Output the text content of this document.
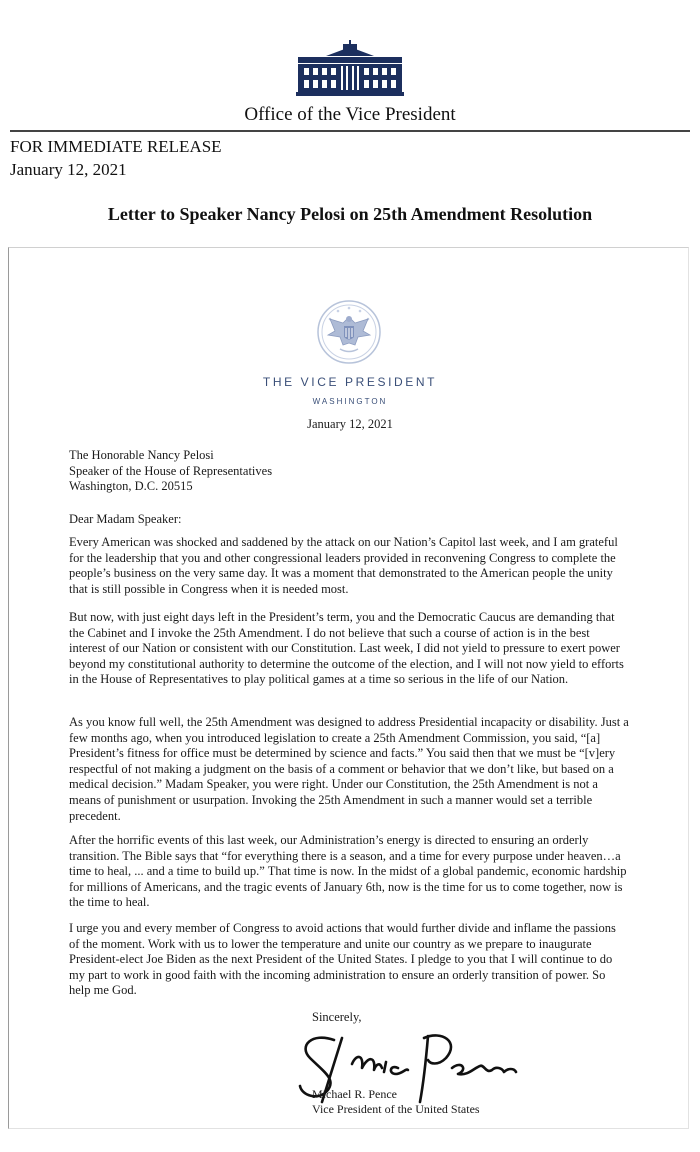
Office of the Vice President
FOR IMMEDIATE RELEASE
January 12, 2021
Letter to Speaker Nancy Pelosi on 25th Amendment Resolution
THE VICE PRESIDENT
WASHINGTON
January 12, 2021
The Honorable Nancy Pelosi
Speaker of the House of Representatives
Washington, D.C. 20515
Dear Madam Speaker:

Every American was shocked and saddened by the attack on our Nation’s Capitol last week, and I am grateful for the leadership that you and other congressional leaders provided in reconvening Congress to complete the people’s business on the very same day. It was a moment that demonstrated to the American people the unity that is still possible in Congress when it is needed most.

But now, with just eight days left in the President’s term, you and the Democratic Caucus are demanding that the Cabinet and I invoke the 25th Amendment. I do not believe that such a course of action is in the best interest of our Nation or consistent with our Constitution. Last week, I did not yield to pressure to exert power beyond my constitutional authority to determine the outcome of the election, and I will not now yield to efforts in the House of Representatives to play political games at a time so serious in the life of our Nation.

As you know full well, the 25th Amendment was designed to address Presidential incapacity or disability. Just a few months ago, when you introduced legislation to create a 25th Amendment Commission, you said, “[a] President’s fitness for office must be determined by science and facts.” You said then that we must be “[v]ery respectful of not making a judgment on the basis of a comment or behavior that we don’t like, but based on a medical decision.” Madam Speaker, you were right. Under our Constitution, the 25th Amendment is not a means of punishment or usurpation. Invoking the 25th Amendment in such a manner would set a terrible precedent.

After the horrific events of this last week, our Administration’s energy is directed to ensuring an orderly transition. The Bible says that “for everything there is a season, and a time for every purpose under heaven…a time to heal, ... and a time to build up.” That time is now. In the midst of a global pandemic, economic hardship for millions of Americans, and the tragic events of January 6th, now is the time for us to come together, now is the time to heal.

I urge you and every member of Congress to avoid actions that would further divide and inflame the passions of the moment. Work with us to lower the temperature and unite our country as we prepare to inaugurate President-elect Joe Biden as the next President of the United States. I pledge to you that I will continue to do my part to work in good faith with the incoming administration to ensure an orderly transition of power. So help me God.

Sincerely,
Michael R. Pence
Vice President of the United States
